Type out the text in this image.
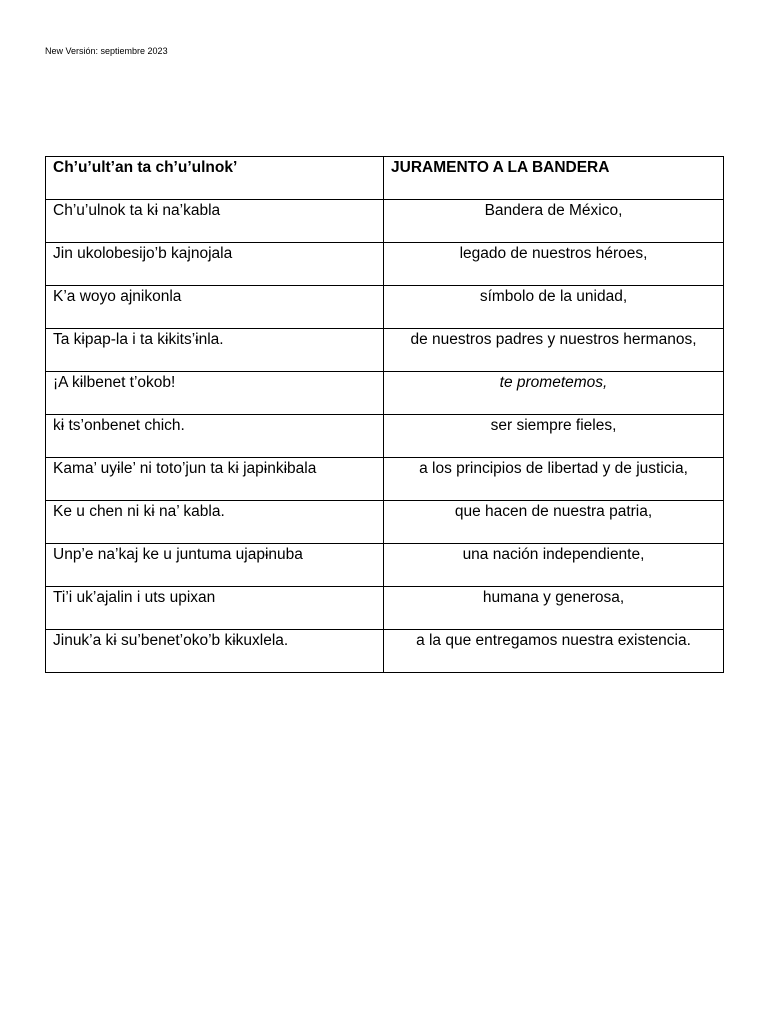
New Versión: septiembre 2023
Ch’u’ult’an ta ch’u’ulnok’	JURAMENTO A LA BANDERA
Ch’u’ulnok ta kɨ na’kabla	Bandera de México,
Jin ukolobesijo’b kajnojala	legado de nuestros héroes,
K’a woyo ajnikonla	símbolo de la unidad,
Ta kɨpap-la i ta kɨkits’ɨnla.	de nuestros padres y nuestros hermanos,
¡A kɨlbenet t’okob!	te prometemos,
kɨ ts’onbenet chich.	ser siempre fieles,
Kama’ uyɨle’ ni toto’jun ta kɨ japɨnkɨbala	a los principios de libertad y de justicia,
Ke u chen ni kɨ na’ kabla.	que hacen de nuestra patria,
Unp’e na’kaj ke u juntuma ujapɨnuba	una nación independiente,
Ti’i uk’ajalin i uts upixan	humana y generosa,
Jinuk’a kɨ su’benet’oko’b kɨkuxlela.	a la que entregamos nuestra existencia.
